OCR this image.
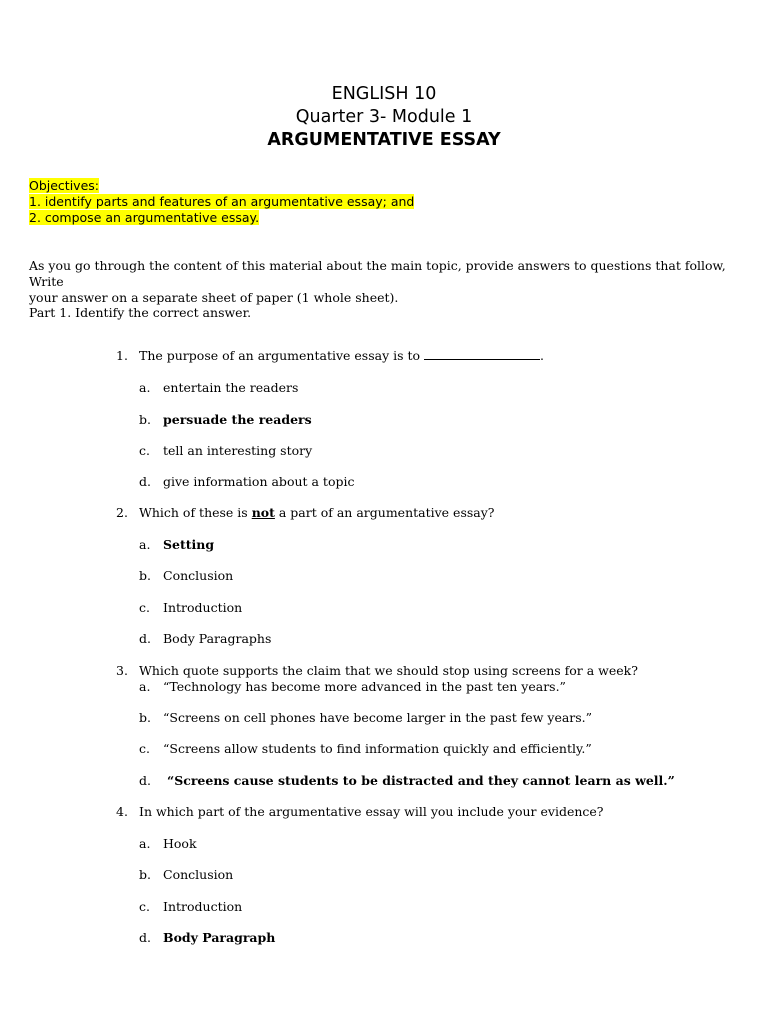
ENGLISH 10
Quarter 3- Module 1
ARGUMENTATIVE ESSAY
Objectives:
1. identify parts and features of an argumentative essay; and
2. compose an argumentative essay.
As you go through the content of this material about the main topic, provide answers to questions that follow, Write
your answer on a separate sheet of paper (1 whole sheet).
Part 1. Identify the correct answer.
1. The purpose of an argumentative essay is to	.
a. entertain the readers
b. persuade the readers
c. tell an interesting story
d. give information about a topic
2. Which of these is not a part of an argumentative essay?
a. Setting
b. Conclusion
c. Introduction
d. Body Paragraphs
3. Which quote supports the claim that we should stop using screens for a week?
a. “Technology has become more advanced in the past ten years.”
b. “Screens on cell phones have become larger in the past few years.”
c. “Screens allow students to find information quickly and efficiently.”
d. “Screens cause students to be distracted and they cannot learn as well.”
4. In which part of the argumentative essay will you include your evidence?
a. Hook
b. Conclusion
c. Introduction
d. Body Paragraph
